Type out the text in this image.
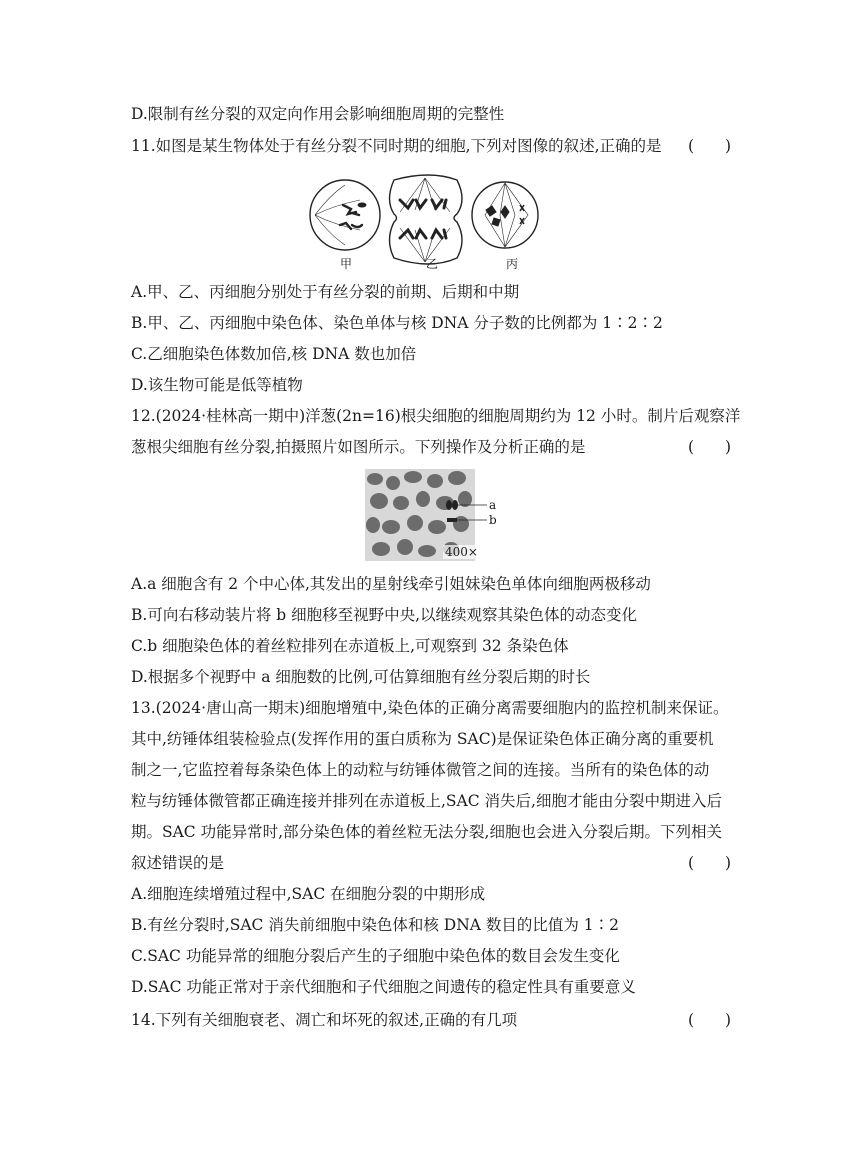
D.限制有丝分裂的双定向作用会影响细胞周期的完整性
11.如图是某生物体处于有丝分裂不同时期的细胞,下列对图像的叙述,正确的是
A.甲、乙、丙细胞分别处于有丝分裂的前期、后期和中期
B.甲、乙、丙细胞中染色体、染色单体与核 DNA 分子数的比例都为 1∶2∶2
C.乙细胞染色体数加倍,核 DNA 数也加倍
D.该生物可能是低等植物
12.(2024·桂林高一期中)洋葱(2n=16)根尖细胞的细胞周期约为 12 小时。制片后观察洋
葱根尖细胞有丝分裂,拍摄照片如图所示。下列操作及分析正确的是
A.a 细胞含有 2 个中心体,其发出的星射线牵引姐妹染色单体向细胞两极移动
B.可向右移动装片将 b 细胞移至视野中央,以继续观察其染色体的动态变化
C.b 细胞染色体的着丝粒排列在赤道板上,可观察到 32 条染色体
D.根据多个视野中 a 细胞数的比例,可估算细胞有丝分裂后期的时长
13.(2024·唐山高一期末)细胞增殖中,染色体的正确分离需要细胞内的监控机制来保证。
其中,纺锤体组装检验点(发挥作用的蛋白质称为 SAC)是保证染色体正确分离的重要机
制之一,它监控着每条染色体上的动粒与纺锤体微管之间的连接。当所有的染色体的动
粒与纺锤体微管都正确连接并排列在赤道板上,SAC 消失后,细胞才能由分裂中期进入后
期。SAC 功能异常时,部分染色体的着丝粒无法分裂,细胞也会进入分裂后期。下列相关
叙述错误的是
A.细胞连续增殖过程中,SAC 在细胞分裂的中期形成
B.有丝分裂时,SAC 消失前细胞中染色体和核 DNA 数目的比值为 1∶2
C.SAC 功能异常的细胞分裂后产生的子细胞中染色体的数目会发生变化
D.SAC 功能正常对于亲代细胞和子代细胞之间遗传的稳定性具有重要意义
14.下列有关细胞衰老、凋亡和坏死的叙述,正确的有几项
(　　)
(　　)
(　　)
(　　)
甲	乙	丙
a
b
400×
